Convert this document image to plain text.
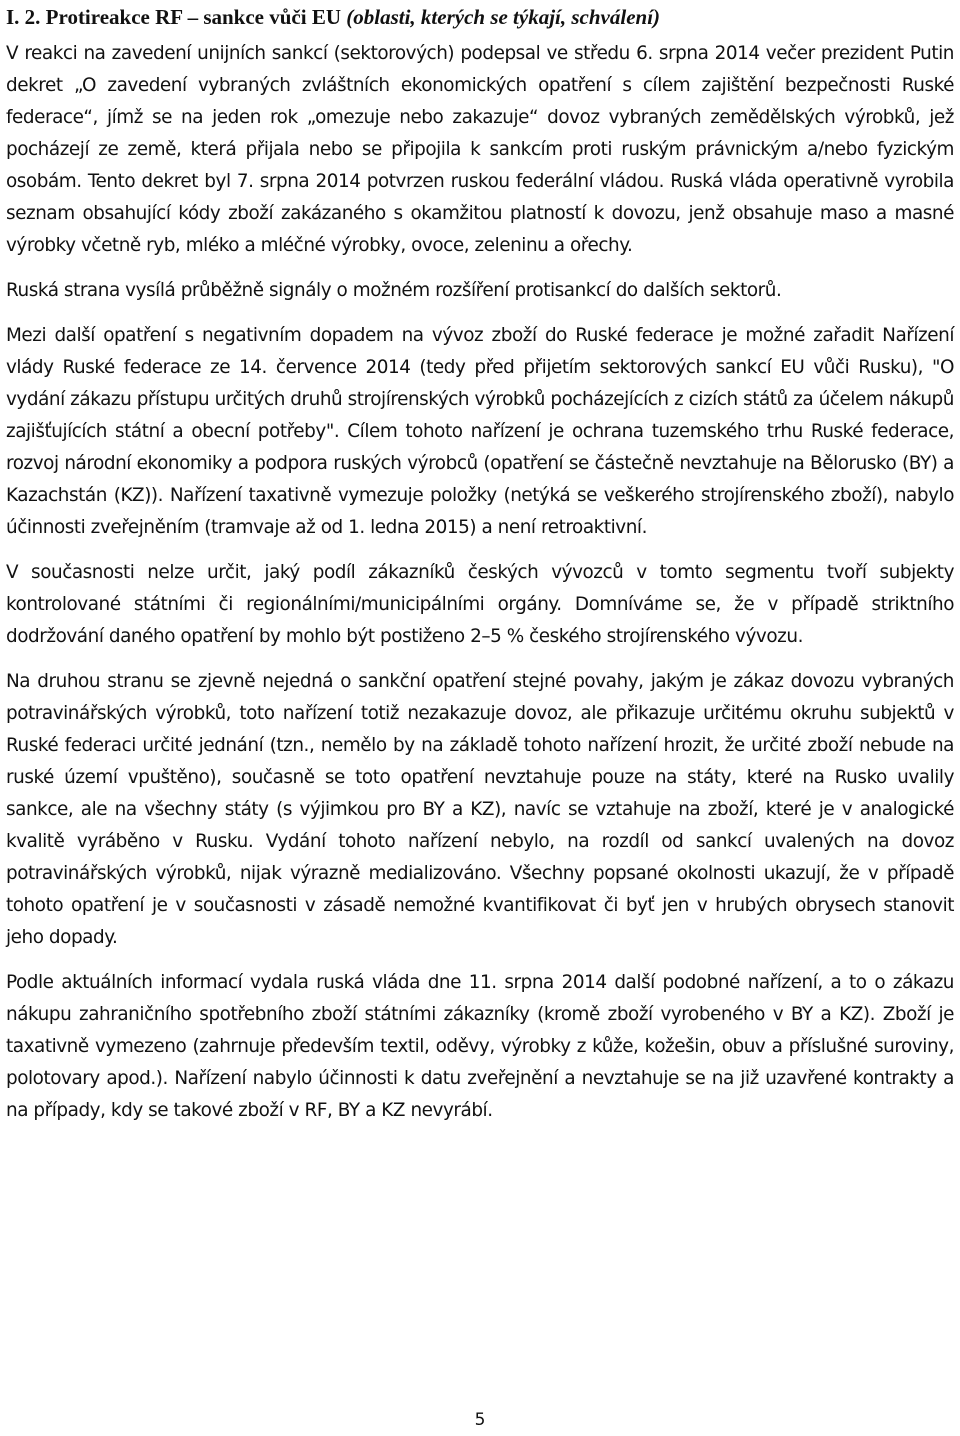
I. 2. Protireakce RF – sankce vůči EU (oblasti, kterých se týkají, schválení)

V reakci na zavedení unijních sankcí (sektorových) podepsal ve středu 6. srpna 2014 večer prezident Putin dekret „O zavedení vybraných zvláštních ekonomických opatření s cílem zajištění bezpečnosti Ruské federace“, jímž se na jeden rok „omezuje nebo zakazuje“ dovoz vybraných zemědělských výrobků, jež pocházejí ze země, která přijala nebo se připojila k sankcím proti ruským právnickým a/nebo fyzickým osobám. Tento dekret byl 7. srpna 2014 potvrzen ruskou federální vládou. Ruská vláda operativně vyrobila seznam obsahující kódy zboží zakázaného s okamžitou platností k dovozu, jenž obsahuje maso a masné výrobky včetně ryb, mléko a mléčné výrobky, ovoce, zeleninu a ořechy.

Ruská strana vysílá průběžně signály o možném rozšíření protisankcí do dalších sektorů.

Mezi další opatření s negativním dopadem na vývoz zboží do Ruské federace je možné zařadit Nařízení vlády Ruské federace ze 14. července 2014 (tedy před přijetím sektorových sankcí EU vůči Rusku), "O vydání zákazu přístupu určitých druhů strojírenských výrobků pocházejících z cizích států za účelem nákupů zajišťujících státní a obecní potřeby". Cílem tohoto nařízení je ochrana tuzemského trhu Ruské federace, rozvoj národní ekonomiky a podpora ruských výrobců (opatření se částečně nevztahuje na Bělorusko (BY) a Kazachstán (KZ)). Nařízení taxativně vymezuje položky (netýká se veškerého strojírenského zboží), nabylo účinnosti zveřejněním (tramvaje až od 1. ledna 2015) a není retroaktivní.

V současnosti nelze určit, jaký podíl zákazníků českých vývozců v tomto segmentu tvoří subjekty kontrolované státními či regionálními/municipálními orgány. Domníváme se, že v případě striktního dodržování daného opatření by mohlo být postiženo 2–5 % českého strojírenského vývozu.

Na druhou stranu se zjevně nejedná o sankční opatření stejné povahy, jakým je zákaz dovozu vybraných potravinářských výrobků, toto nařízení totiž nezakazuje dovoz, ale přikazuje určitému okruhu subjektů v Ruské federaci určité jednání (tzn., nemělo by na základě tohoto nařízení hrozit, že určité zboží nebude na ruské území vpuštěno), současně se toto opatření nevztahuje pouze na státy, které na Rusko uvalily sankce, ale na všechny státy (s výjimkou pro BY a KZ), navíc se vztahuje na zboží, které je v analogické kvalitě vyráběno v Rusku. Vydání tohoto nařízení nebylo, na rozdíl od sankcí uvalených na dovoz potravinářských výrobků, nijak výrazně medializováno. Všechny popsané okolnosti ukazují, že v případě tohoto opatření je v současnosti v zásadě nemožné kvantifikovat či byť jen v hrubých obrysech stanovit jeho dopady.

Podle aktuálních informací vydala ruská vláda dne 11. srpna 2014 další podobné nařízení, a to o zákazu nákupu zahraničního spotřebního zboží státními zákazníky (kromě zboží vyrobeného v BY a KZ). Zboží je taxativně vymezeno (zahrnuje především textil, oděvy, výrobky z kůže, kožešin, obuv a příslušné suroviny, polotovary apod.). Nařízení nabylo účinnosti k datu zveřejnění a nevztahuje se na již uzavřené kontrakty a na případy, kdy se takové zboží v RF, BY a KZ nevyrábí.

5
